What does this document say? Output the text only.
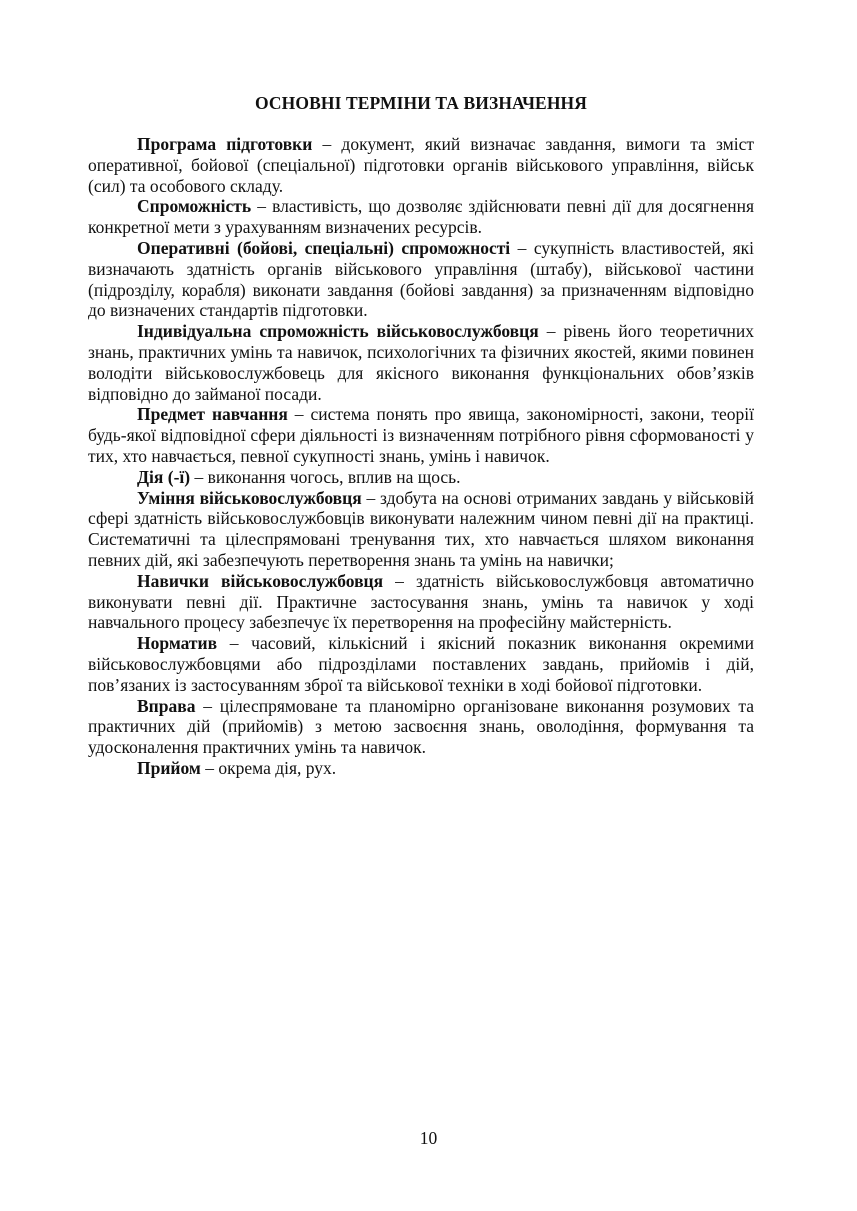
ОСНОВНІ ТЕРМІНИ ТА ВИЗНАЧЕННЯ

Програма підготовки – документ, який визначає завдання, вимоги та зміст оперативної, бойової (спеціальної) підготовки органів військового управління, військ (сил) та особового складу.

Спроможність – властивість, що дозволяє здійснювати певні дії для досягнення конкретної мети з урахуванням визначених ресурсів.

Оперативні (бойові, спеціальні) спроможності – сукупність властивостей, які визначають здатність органів військового управління (штабу), військової частини (підрозділу, корабля) виконати завдання (бойові завдання) за призначенням відповідно до визначених стандартів підготовки.

Індивідуальна спроможність військовослужбовця – рівень його теоретичних знань, практичних умінь та навичок, психологічних та фізичних якостей, якими повинен володіти військовослужбовець для якісного виконання функціональних обов’язків відповідно до займаної посади.

Предмет навчання – система понять про явища, закономірності, закони, теорії будь-якої відповідної сфери діяльності із визначенням потрібного рівня сформованості у тих, хто навчається, певної сукупності знань, умінь і навичок.

Дія (-ї) – виконання чогось, вплив на щось.

Уміння військовослужбовця – здобута на основі отриманих завдань у військовій сфері здатність військовослужбовців виконувати належним чином певні дії на практиці. Систематичні та цілеспрямовані тренування тих, хто навчається шляхом виконання певних дій, які забезпечують перетворення знань та умінь на навички;

Навички військовослужбовця – здатність військовослужбовця автоматично виконувати певні дії. Практичне застосування знань, умінь та навичок у ході навчального процесу забезпечує їх перетворення на професійну майстерність.

Норматив – часовий, кількісний і якісний показник виконання окремими військовослужбовцями або підрозділами поставлених завдань, прийомів і дій, пов’язаних із застосуванням зброї та військової техніки в ході бойової підготовки.

Вправа – цілеспрямоване та планомірно організоване виконання розумових та практичних дій (прийомів) з метою засвоєння знань, оволодіння, формування та удосконалення практичних умінь та навичок.

Прийом – окрема дія, рух.

10
